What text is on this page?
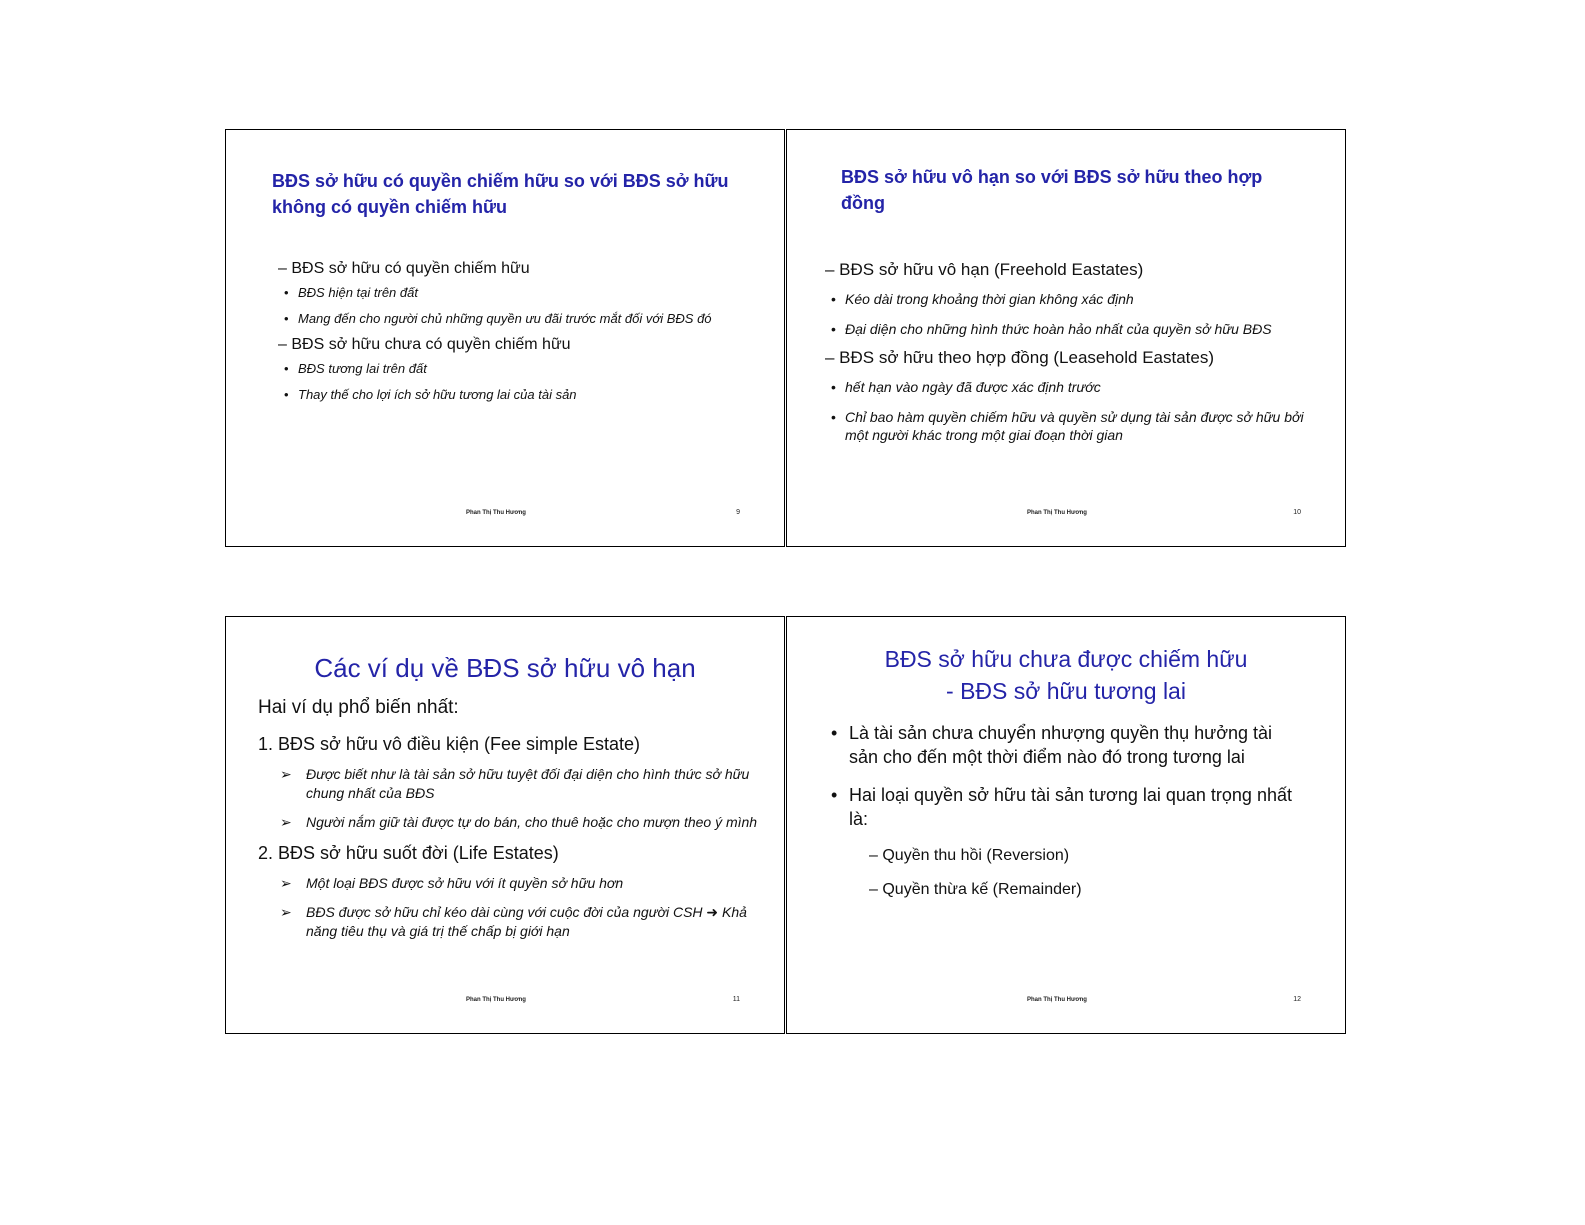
BĐS sở hữu có quyền chiếm hữu so với BĐS sở hữu không có quyền chiếm hữu
– BĐS sở hữu có quyền chiếm hữu
• BĐS hiện tại trên đất
• Mang đến cho người chủ những quyền ưu đãi trước mắt đối với BĐS đó
– BĐS sở hữu chưa có quyền chiếm hữu
• BĐS tương lai trên đất
• Thay thế cho lợi ích sở hữu tương lai của tài sản
Phan Thị Thu Hương	9
BĐS sở hữu vô hạn so với BĐS sở hữu theo hợp đồng
– BĐS sở hữu vô hạn (Freehold Eastates)
• Kéo dài trong khoảng thời gian không xác định
• Đại diện cho những hình thức hoàn hảo nhất của quyền sở hữu BĐS
– BĐS sở hữu theo hợp đồng (Leasehold Eastates)
• hết hạn vào ngày đã được xác định trước
• Chỉ bao hàm quyền chiếm hữu và quyền sử dụng tài sản được sở hữu bởi một người khác trong một giai đoạn thời gian
Phan Thị Thu Hương	10
Các ví dụ về BĐS sở hữu vô hạn
Hai ví dụ phổ biến nhất:
1. BĐS sở hữu vô điều kiện (Fee simple Estate)
➢ Được biết như là tài sản sở hữu tuyệt đối đại diện cho hình thức sở hữu chung nhất của BĐS
➢ Người nắm giữ tài được tự do bán, cho thuê hoặc cho mượn theo ý mình
2. BĐS sở hữu suốt đời (Life Estates)
➢ Một loại BĐS được sở hữu với ít quyền sở hữu hơn
➢ BĐS được sở hữu chỉ kéo dài cùng với cuộc đời của người CSH ➜ Khả năng tiêu thụ và giá trị thế chấp bị giới hạn
Phan Thị Thu Hương	11
BĐS sở hữu chưa được chiếm hữu
- BĐS sở hữu tương lai
• Là tài sản chưa chuyển nhượng quyền thụ hưởng tài sản cho đến một thời điểm nào đó trong tương lai
• Hai loại quyền sở hữu tài sản tương lai quan trọng nhất là:
– Quyền thu hồi (Reversion)
– Quyền thừa kế (Remainder)
Phan Thị Thu Hương	12
